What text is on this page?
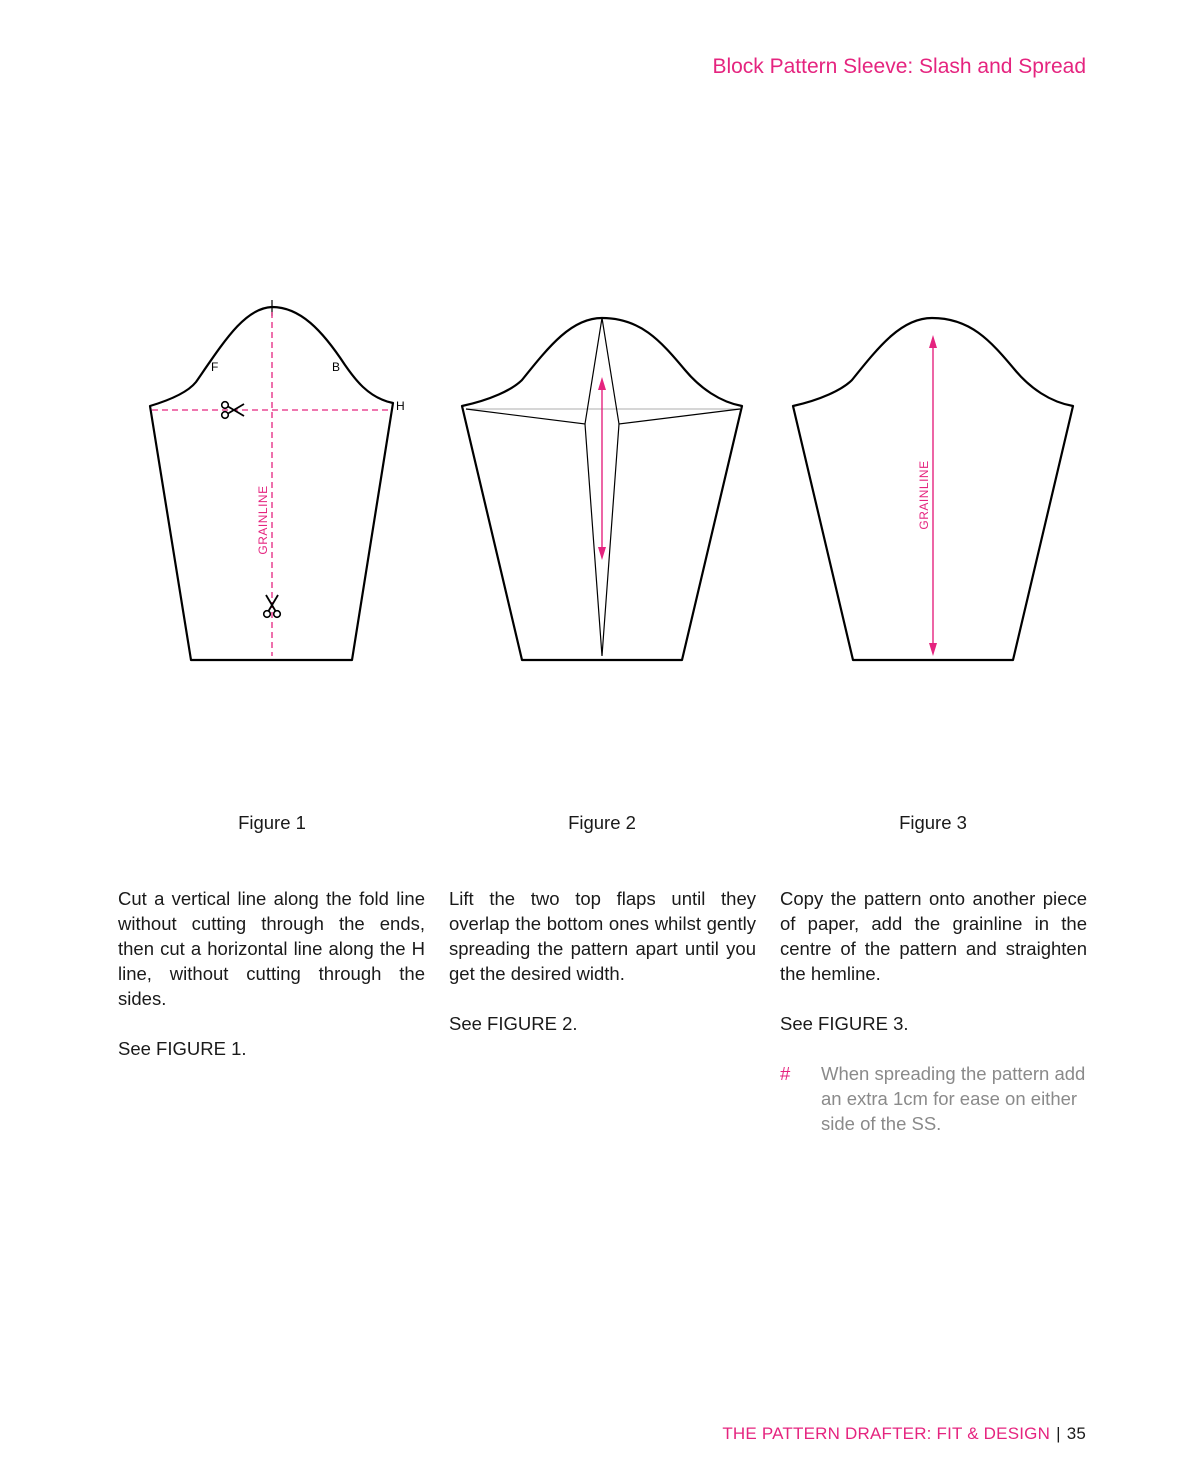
Block Pattern Sleeve: Slash and Spread
F	B
H
GRAINLINE	GRAINLINE
Figure 1	Figure 2	Figure 3

Cut a vertical line along the fold line without cutting through the ends, then cut a horizontal line along the H line, without cutting through the sides.

See FIGURE 1.

Lift the two top flaps until they overlap the bottom ones whilst gently spreading the pattern apart until you get the desired width.

See FIGURE 2.

Copy the pattern onto another piece of paper, add the grainline in the centre of the pattern and straighten the hemline.

See FIGURE 3.

#	When spreading the pattern add an extra 1cm for ease on either side of the SS.
THE PATTERN DRAFTER: FIT & DESIGN | 35
